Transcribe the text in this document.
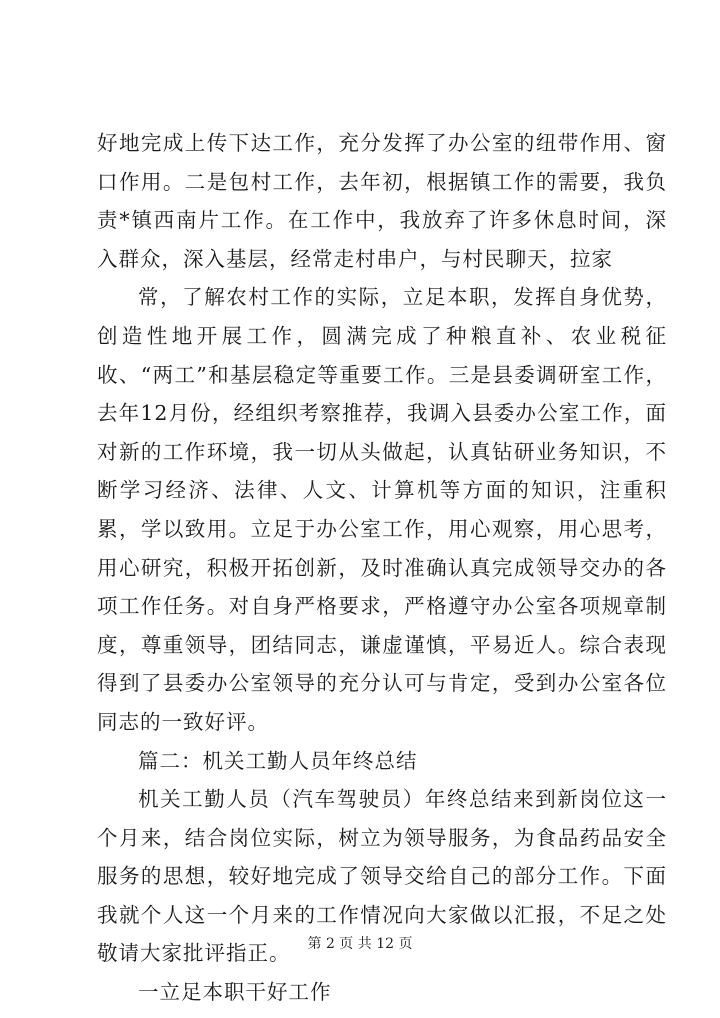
好地完成上传下达工作，充分发挥了办公室的纽带作用、窗口作用。二是包村工作，去年初，根据镇工作的需要，我负责*镇西南片工作。在工作中，我放弃了许多休息时间，深入群众，深入基层，经常走村串户，与村民聊天，拉家

常，了解农村工作的实际，立足本职，发挥自身优势，创造性地开展工作，圆满完成了种粮直补、农业税征收、“两工”和基层稳定等重要工作。三是县委调研室工作，去年12月份，经组织考察推荐，我调入县委办公室工作，面对新的工作环境，我一切从头做起，认真钻研业务知识，不断学习经济、法律、人文、计算机等方面的知识，注重积累，学以致用。立足于办公室工作，用心观察，用心思考，用心研究，积极开拓创新，及时准确认真完成领导交办的各项工作任务。对自身严格要求，严格遵守办公室各项规章制度，尊重领导，团结同志，谦虚谨慎，平易近人。综合表现得到了县委办公室领导的充分认可与肯定，受到办公室各位同志的一致好评。

篇二：机关工勤人员年终总结

机关工勤人员（汽车驾驶员）年终总结来到新岗位这一个月来，结合岗位实际，树立为领导服务，为食品药品安全服务的思想，较好地完成了领导交给自己的部分工作。下面我就个人这一个月来的工作情况向大家做以汇报，不足之处敬请大家批评指正。

一立足本职干好工作

第 2 页 共 12 页
